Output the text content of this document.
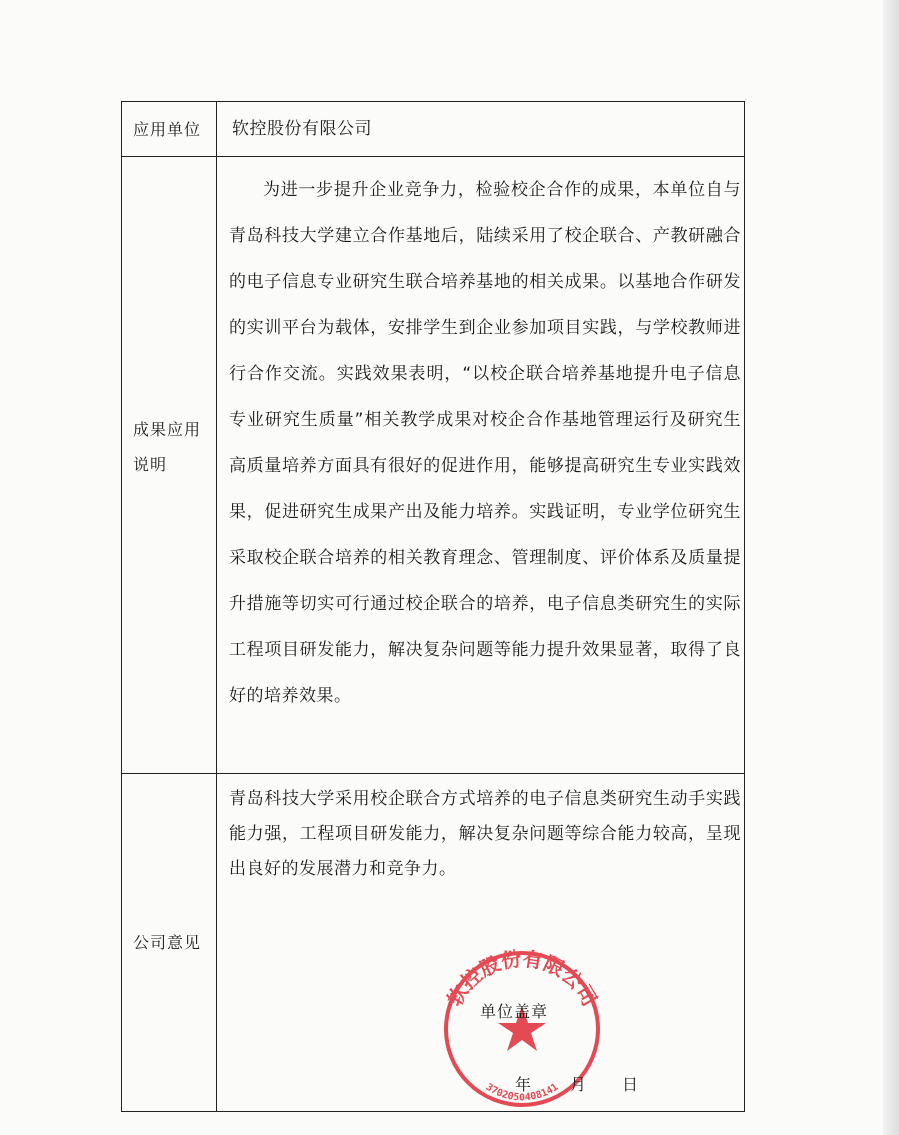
应用单位	软控股份有限公司
成果应用
说明

为进一步提升企业竞争力，检验校企合作的成果，本单位自与青岛科技大学建立合作基地后，陆续采用了校企联合、产教研融合的电子信息专业研究生联合培养基地的相关成果。以基地合作研发的实训平台为载体，安排学生到企业参加项目实践，与学校教师进行合作交流。实践效果表明，“以校企联合培养基地提升电子信息专业研究生质量”相关教学成果对校企合作基地管理运行及研究生高质量培养方面具有很好的促进作用，能够提高研究生专业实践效果，促进研究生成果产出及能力培养。实践证明，专业学位研究生采取校企联合培养的相关教育理念、管理制度、评价体系及质量提升措施等切实可行通过校企联合的培养，电子信息类研究生的实际工程项目研发能力，解决复杂问题等能力提升效果显著，取得了良好的培养效果。

公司意见

青岛科技大学采用校企联合方式培养的电子信息类研究生动手实践能力强，工程项目研发能力，解决复杂问题等综合能力较高，呈现出良好的发展潜力和竞争力。

软控股份有限公司
3702050408141
单位盖章
年 月 日
